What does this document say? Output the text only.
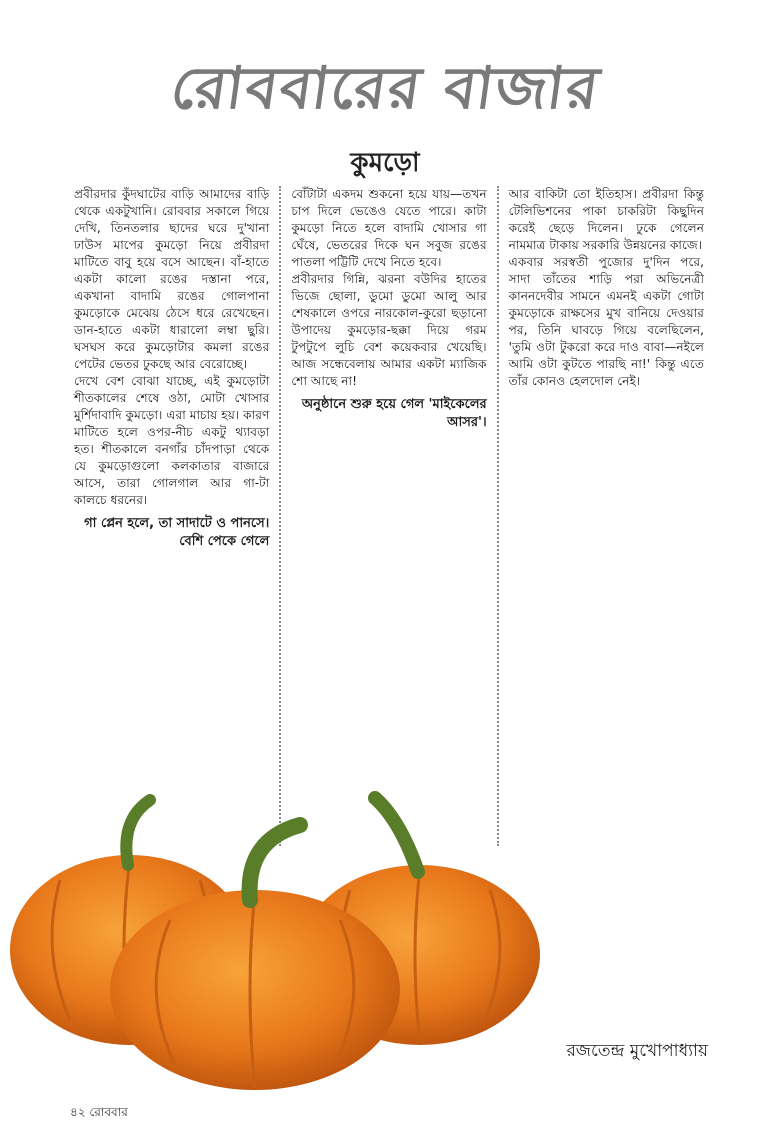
রোববারের বাজার
কুমড়ো

প্রবীরদার কুঁদঘাটের বাড়ি আমাদের বাড়ি থেকে একটুখানি। রোববার সকালে গিয়ে দেখি, তিনতলার ছাদের ঘরে দু'খানা ঢাউস মাপের কুমড়ো নিয়ে প্রবীরদা মাটিতে বাবু হয়ে বসে আছেন। বাঁ-হাতে একটা কালো রঙের দস্তানা পরে, একখানা বাদামি রঙের গোলপানা কুমড়োকে মেঝেয় ঠেসে ধরে রেখেছেন। ডান-হাতে একটা ধারালো লম্বা ছুরি। ঘসঘস করে কুমড়োটার কমলা রঙের পেটের ভেতর ঢুকছে আর বেরোচ্ছে।

দেখে বেশ বোঝা যাচ্ছে, এই কুমড়োটা শীতকালের শেষে ওঠা, মোটা খোসার মুর্শিদাবাদি কুমড়ো। এরা মাচায় হয়। কারণ মাটিতে হলে ওপর-নীচ একটু থ্যাবড়া হত। শীতকালে বনগাঁর চাঁদপাড়া থেকে যে কুমড়োগুলো কলকাতার বাজারে আসে, তারা গোলগাল আর গা-টা কালচে ধরনের।

গা প্লেন হলে, তা সাদাটে ও পানসে। বেশি পেকে গেলে

বোঁটাটা একদম শুকনো হয়ে যায়—তখন চাপ দিলে ভেঙেও যেতে পারে। কাটা কুমড়ো নিতে হলে বাদামি খোসার গা ঘেঁষে, ভেতরের দিকে ঘন সবুজ রঙের পাতলা পট্টিটি দেখে নিতে হবে।

প্রবীরদার গিন্নি, ঝরনা বউদির হাতের ভিজে ছোলা, ডুমো ডুমো আলু আর শেষকালে ওপরে নারকোল-কুরো ছড়ানো উপাদেয় কুমড়োর-ছক্কা দিয়ে গরম টুপটুপে লুচি বেশ কয়েকবার খেয়েছি। আজ সন্ধেবেলায় আমার একটা ম্যাজিক শো আছে না!

অনুষ্ঠানে শুরু হয়ে গেল 'মাইকেলের আসর'।

আর বাকিটা তো ইতিহাস। প্রবীরদা কিন্তু টেলিভিশনের পাকা চাকরিটা কিছুদিন করেই ছেড়ে দিলেন। ঢুকে গেলেন নামমাত্র টাকায় সরকারি উন্নয়নের কাজে।

একবার সরস্বতী পুজোর দু'দিন পরে, সাদা তাঁতের শাড়ি পরা অভিনেত্রী কাননদেবীর সামনে এমনই একটা গোটা কুমড়োকে রাক্ষসের মুখ বানিয়ে দেওয়ার পর, তিনি ঘাবড়ে গিয়ে বলেছিলেন, 'তুমি ওটা টুকরো করে দাও বাবা—নইলে আমি ওটা কুটতে পারছি না!' কিন্তু এতে তাঁর কোনও হেলদোল নেই।

রজতেন্দ্র মুখোপাধ্যায়
৪২ রোববার
